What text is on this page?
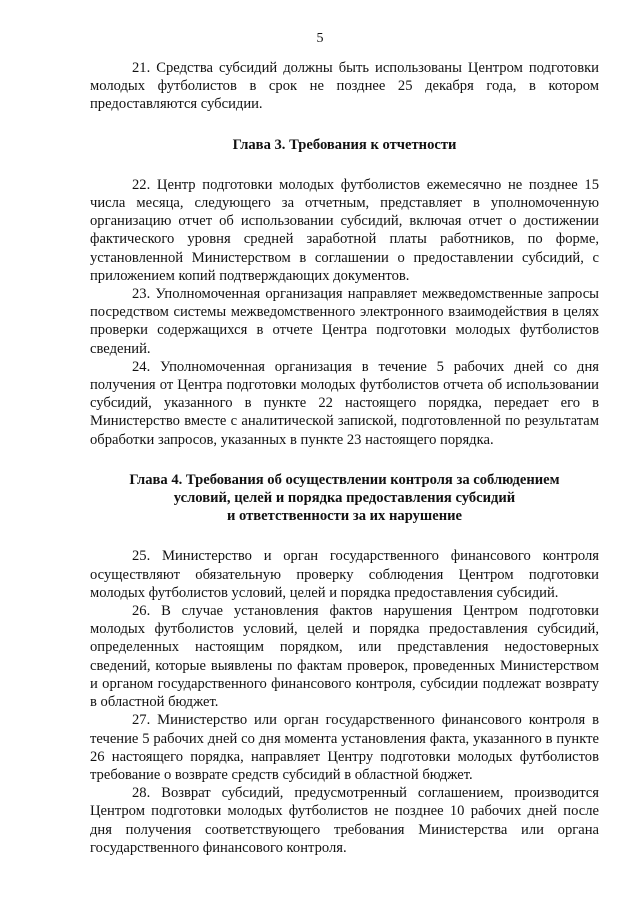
5

21. Средства субсидий должны быть использованы Центром подготовки молодых футболистов в срок не позднее 25 декабря года, в котором предоставляются субсидии.

Глава 3. Требования к отчетности

22. Центр подготовки молодых футболистов ежемесячно не позднее 15 числа месяца, следующего за отчетным, представляет в уполномоченную организацию отчет об использовании субсидий, включая отчет о достижении фактического уровня средней заработной платы работников, по форме, установленной Министерством в соглашении о предоставлении субсидий, с приложением копий подтверждающих документов.

23. Уполномоченная организация направляет межведомственные запросы посредством системы межведомственного электронного взаимодействия в целях проверки содержащихся в отчете Центра подготовки молодых футболистов сведений.

24. Уполномоченная организация в течение 5 рабочих дней со дня получения от Центра подготовки молодых футболистов отчета об использовании субсидий, указанного в пункте 22 настоящего порядка, передает его в Министерство вместе с аналитической запиской, подготовленной по результатам обработки запросов, указанных в пункте 23 настоящего порядка.

Глава 4. Требования об осуществлении контроля за соблюдением
условий, целей и порядка предоставления субсидий
и ответственности за их нарушение

25. Министерство и орган государственного финансового контроля осуществляют обязательную проверку соблюдения Центром подготовки молодых футболистов условий, целей и порядка предоставления субсидий.

26. В случае установления фактов нарушения Центром подготовки молодых футболистов условий, целей и порядка предоставления субсидий, определенных настоящим порядком, или представления недостоверных сведений, которые выявлены по фактам проверок, проведенных Министерством и органом государственного финансового контроля, субсидии подлежат возврату в областной бюджет.

27. Министерство или орган государственного финансового контроля в течение 5 рабочих дней со дня момента установления факта, указанного в пункте 26 настоящего порядка, направляет Центру подготовки молодых футболистов требование о возврате средств субсидий в областной бюджет.

28. Возврат субсидий, предусмотренный соглашением, производится Центром подготовки молодых футболистов не позднее 10 рабочих дней после дня получения соответствующего требования Министерства или органа государственного финансового контроля.
